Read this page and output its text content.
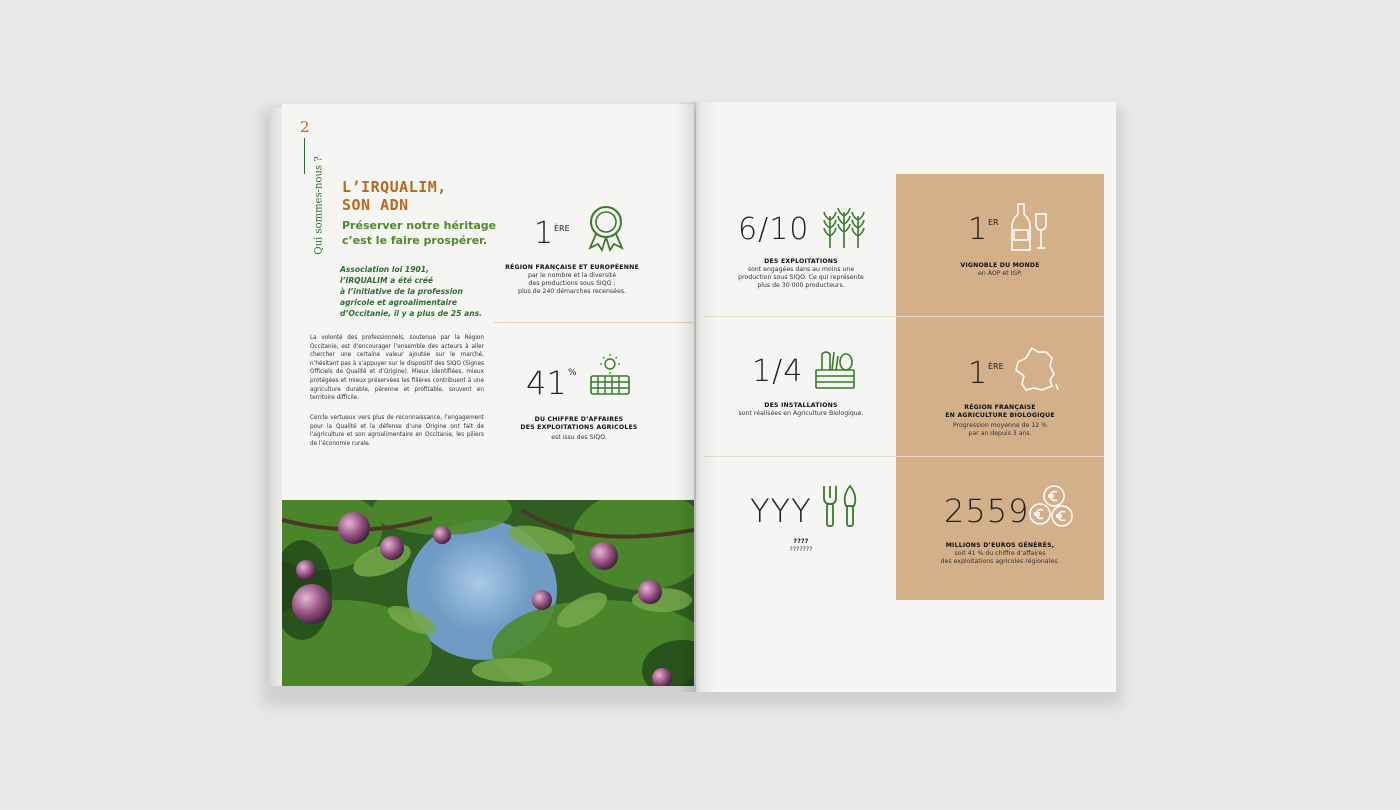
2
Qui sommes-nous ? L’IRQUALIM,
SON ADN
Préserver notre héritage
c’est le faire prospérer.
Association loi 1901,
l’IRQUALIM a été créé
à l’initiative de la profession
agricole et agroalimentaire
d’Occitanie, il y a plus de 25 ans.
La volonté des professionnels, soutenue par la Région Occitanie, est d’encourager l’ensemble des acteurs à aller chercher une certaine valeur ajoutée sur le marché, n’hésitant pas à s’appuyer sur le dispositif des SIQO (Signes Officiels de Qualité et d’Origine). Mieux identifiées, mieux protégées et mieux préservées les filières contribuent à une agriculture durable, pérenne et profitable, souvent en territoire difficile.
Cercle vertueux vers plus de reconnaissance, l’engagement pour la Qualité et la défense d’une Origine ont fait de l’agriculture et son agroalimentaire en Occitanie, les piliers de l’économie rurale.
1 ÈRE
RÉGION FRANÇAISE ET EUROPÉENNE
par le nombre et la diversité
des productions sous SIQO :
plus de 240 démarches recensées.
41 %
DU CHIFFRE D’AFFAIRES
DES EXPLOITATIONS AGRICOLES
est issu des SIQO.
6/10
DES EXPLOITATIONS
sont engagées dans au moins une
production sous SIQO. Ce qui représente
plus de 30 000 producteurs.
1/4
DES INSTALLATIONS
sont réalisées en Agriculture Biologique.
YYY
????
???????
1 ER
VIGNOBLE DU MONDE
en AOP et IGP.
1 ÈRE
RÉGION FRANÇAISE
EN AGRICULTURE BIOLOGIQUE
Progression moyenne de 12 %
par an depuis 3 ans.
2559
MILLIONS D’EUROS GÉNÉRÉS,
soit 41 % du chiffre d’affaires
des exploitations agricoles régionales.
